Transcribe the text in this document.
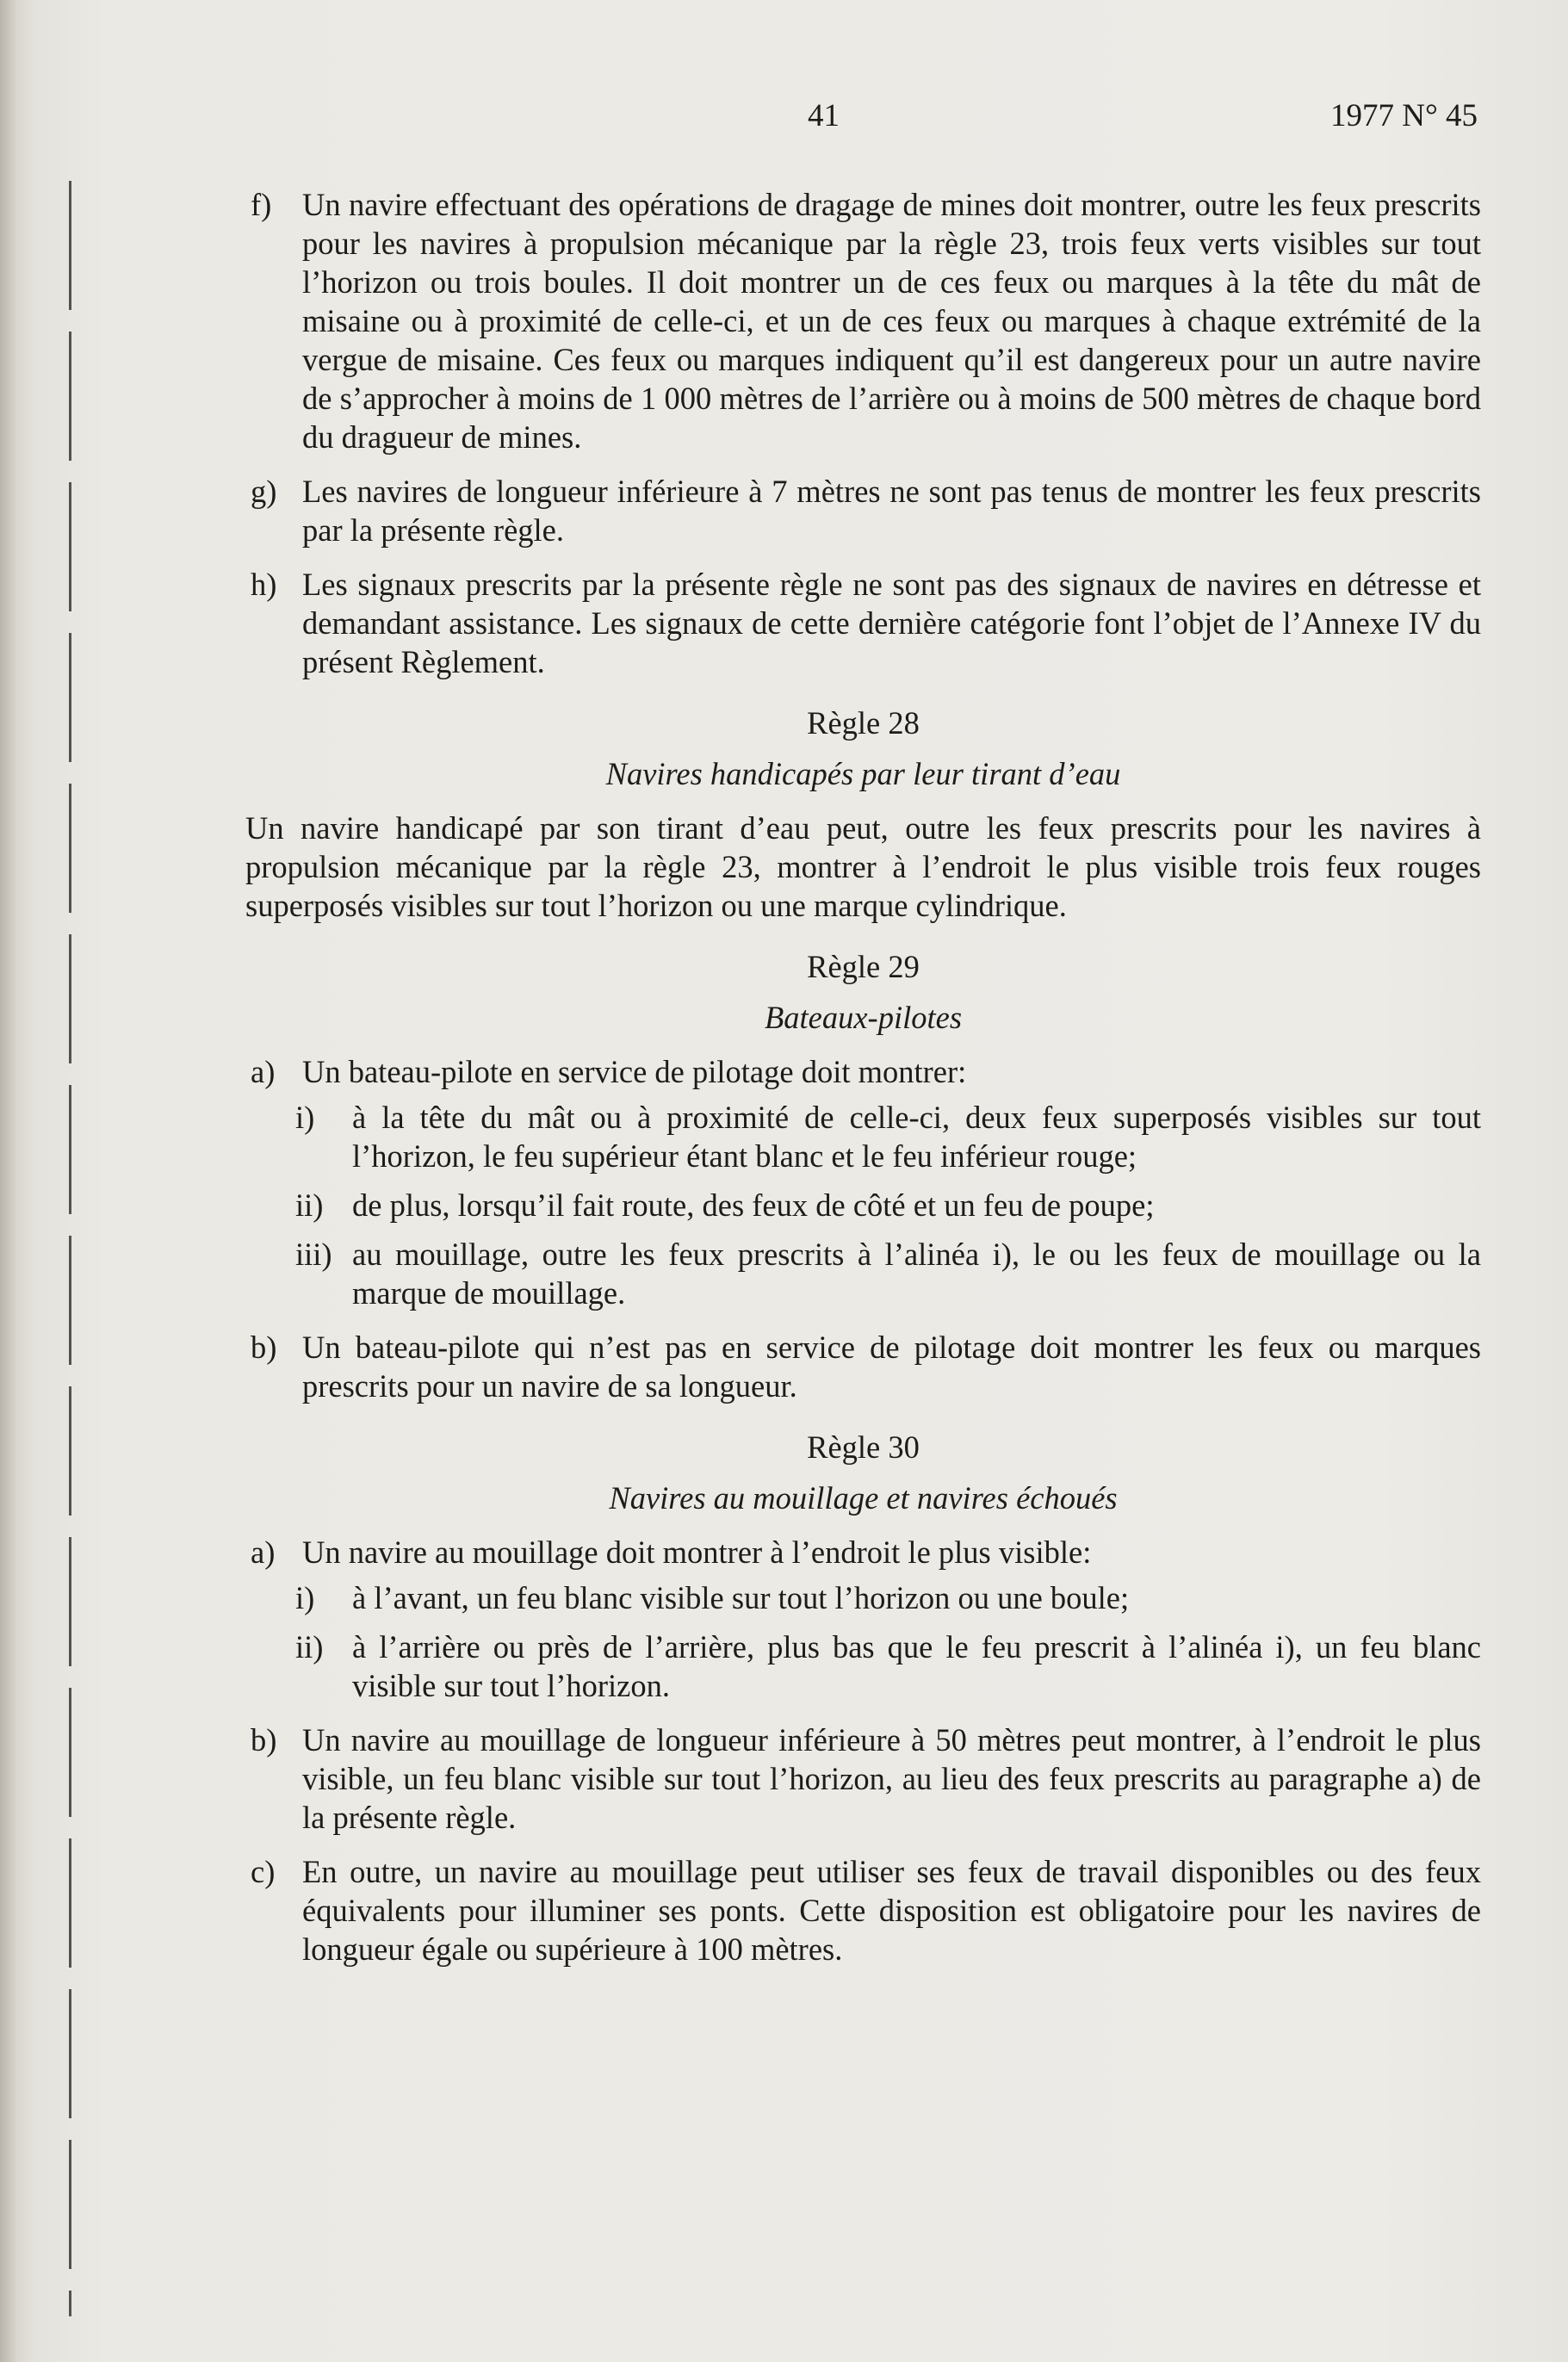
41	1977 N° 45
f) Un navire effectuant des opérations de dragage de mines doit montrer, outre les feux prescrits pour les navires à propulsion mécanique par la règle 23, trois feux verts visibles sur tout l’horizon ou trois boules. Il doit montrer un de ces feux ou marques à la tête du mât de misaine ou à proximité de celle-ci, et un de ces feux ou marques à chaque extrémité de la vergue de misaine. Ces feux ou marques indiquent qu’il est dangereux pour un autre navire de s’approcher à moins de 1 000 mètres de l’arrière ou à moins de 500 mètres de chaque bord du dragueur de mines.
g) Les navires de longueur inférieure à 7 mètres ne sont pas tenus de montrer les feux prescrits par la présente règle.
h) Les signaux prescrits par la présente règle ne sont pas des signaux de navires en détresse et demandant assistance. Les signaux de cette dernière catégorie font l’objet de l’Annexe IV du présent Règlement.
Règle 28
Navires handicapés par leur tirant d’eau
Un navire handicapé par son tirant d’eau peut, outre les feux prescrits pour les navires à propulsion mécanique par la règle 23, montrer à l’endroit le plus visible trois feux rouges superposés visibles sur tout l’horizon ou une marque cylindrique.
Règle 29
Bateaux-pilotes
a) Un bateau-pilote en service de pilotage doit montrer:
i) à la tête du mât ou à proximité de celle-ci, deux feux superposés visibles sur tout l’horizon, le feu supérieur étant blanc et le feu inférieur rouge;
ii) de plus, lorsqu’il fait route, des feux de côté et un feu de poupe;
iii) au mouillage, outre les feux prescrits à l’alinéa i), le ou les feux de mouillage ou la marque de mouillage.
b) Un bateau-pilote qui n’est pas en service de pilotage doit montrer les feux ou marques prescrits pour un navire de sa longueur.
Règle 30
Navires au mouillage et navires échoués
a) Un navire au mouillage doit montrer à l’endroit le plus visible:
i) à l’avant, un feu blanc visible sur tout l’horizon ou une boule;
ii) à l’arrière ou près de l’arrière, plus bas que le feu prescrit à l’alinéa i), un feu blanc visible sur tout l’horizon.
b) Un navire au mouillage de longueur inférieure à 50 mètres peut montrer, à l’endroit le plus visible, un feu blanc visible sur tout l’horizon, au lieu des feux prescrits au paragraphe a) de la présente règle.
c) En outre, un navire au mouillage peut utiliser ses feux de travail disponibles ou des feux équivalents pour illuminer ses ponts. Cette disposition est obligatoire pour les navires de longueur égale ou supérieure à 100 mètres.
